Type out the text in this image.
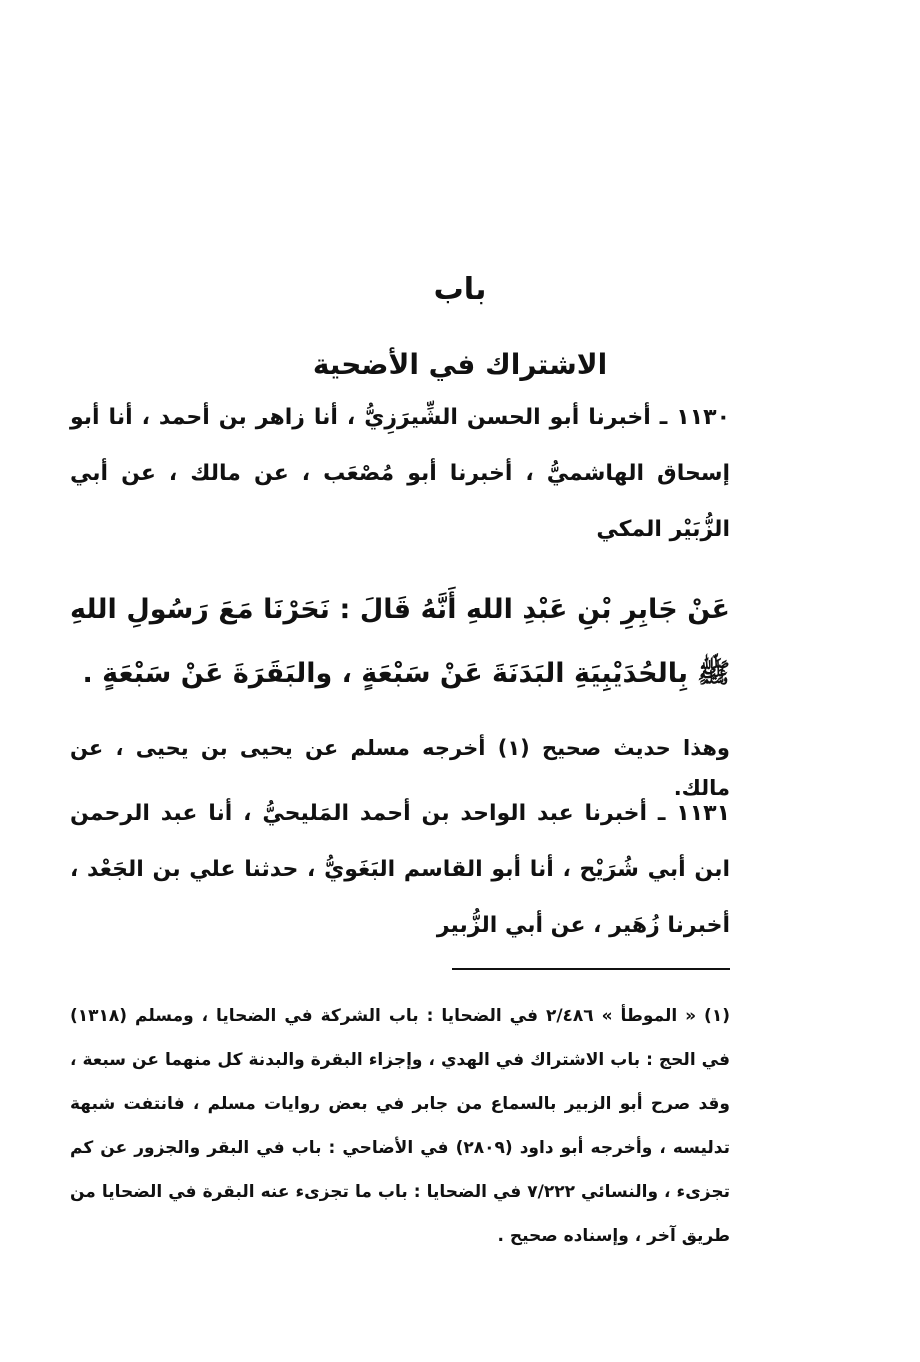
باب
الاشتراك في الأضحية

١١٣٠ ـ أخبرنا أبو الحسن الشِّيرَزِيُّ ، أنا زاهر بن أحمد ، أنا أبو إسحاق الهاشميُّ ، أخبرنا أبو مُصْعَب ، عن مالك ، عن أبي الزُّبَيْر المكي

عَنْ جَابِرِ بْنِ عَبْدِ اللهِ أَنَّهُ قَالَ : نَحَرْنَا مَعَ رَسُولِ اللهِ ﷺ بِالحُدَيْبِيَةِ البَدَنَةَ عَنْ سَبْعَةٍ ، والبَقَرَةَ عَنْ سَبْعَةٍ .

وهذا حديث صحيح (١) أخرجه مسلم عن يحيى بن يحيى ، عن مالك.

١١٣١ ـ أخبرنا عبد الواحد بن أحمد المَليحيُّ ، أنا عبد الرحمن ابن أبي شُرَيْح ، أنا أبو القاسم البَغَويُّ ، حدثنا علي بن الجَعْد ، أخبرنا زُهَير ، عن أبي الزُّبير

(١) « الموطأ » ٢/٤٨٦ في الضحايا : باب الشركة في الضحايا ، ومسلم (١٣١٨) في الحج : باب الاشتراك في الهدي ، وإجزاء البقرة والبدنة كل منهما عن سبعة ، وقد صرح أبو الزبير بالسماع من جابر في بعض روايات مسلم ، فانتفت شبهة تدليسه ، وأخرجه أبو داود (٢٨٠٩) في الأضاحي : باب في البقر والجزور عن كم تجزىء ، والنسائي ٧/٢٢٢ في الضحايا : باب ما تجزىء عنه البقرة في الضحايا من طريق آخر ، وإسناده صحيح .
